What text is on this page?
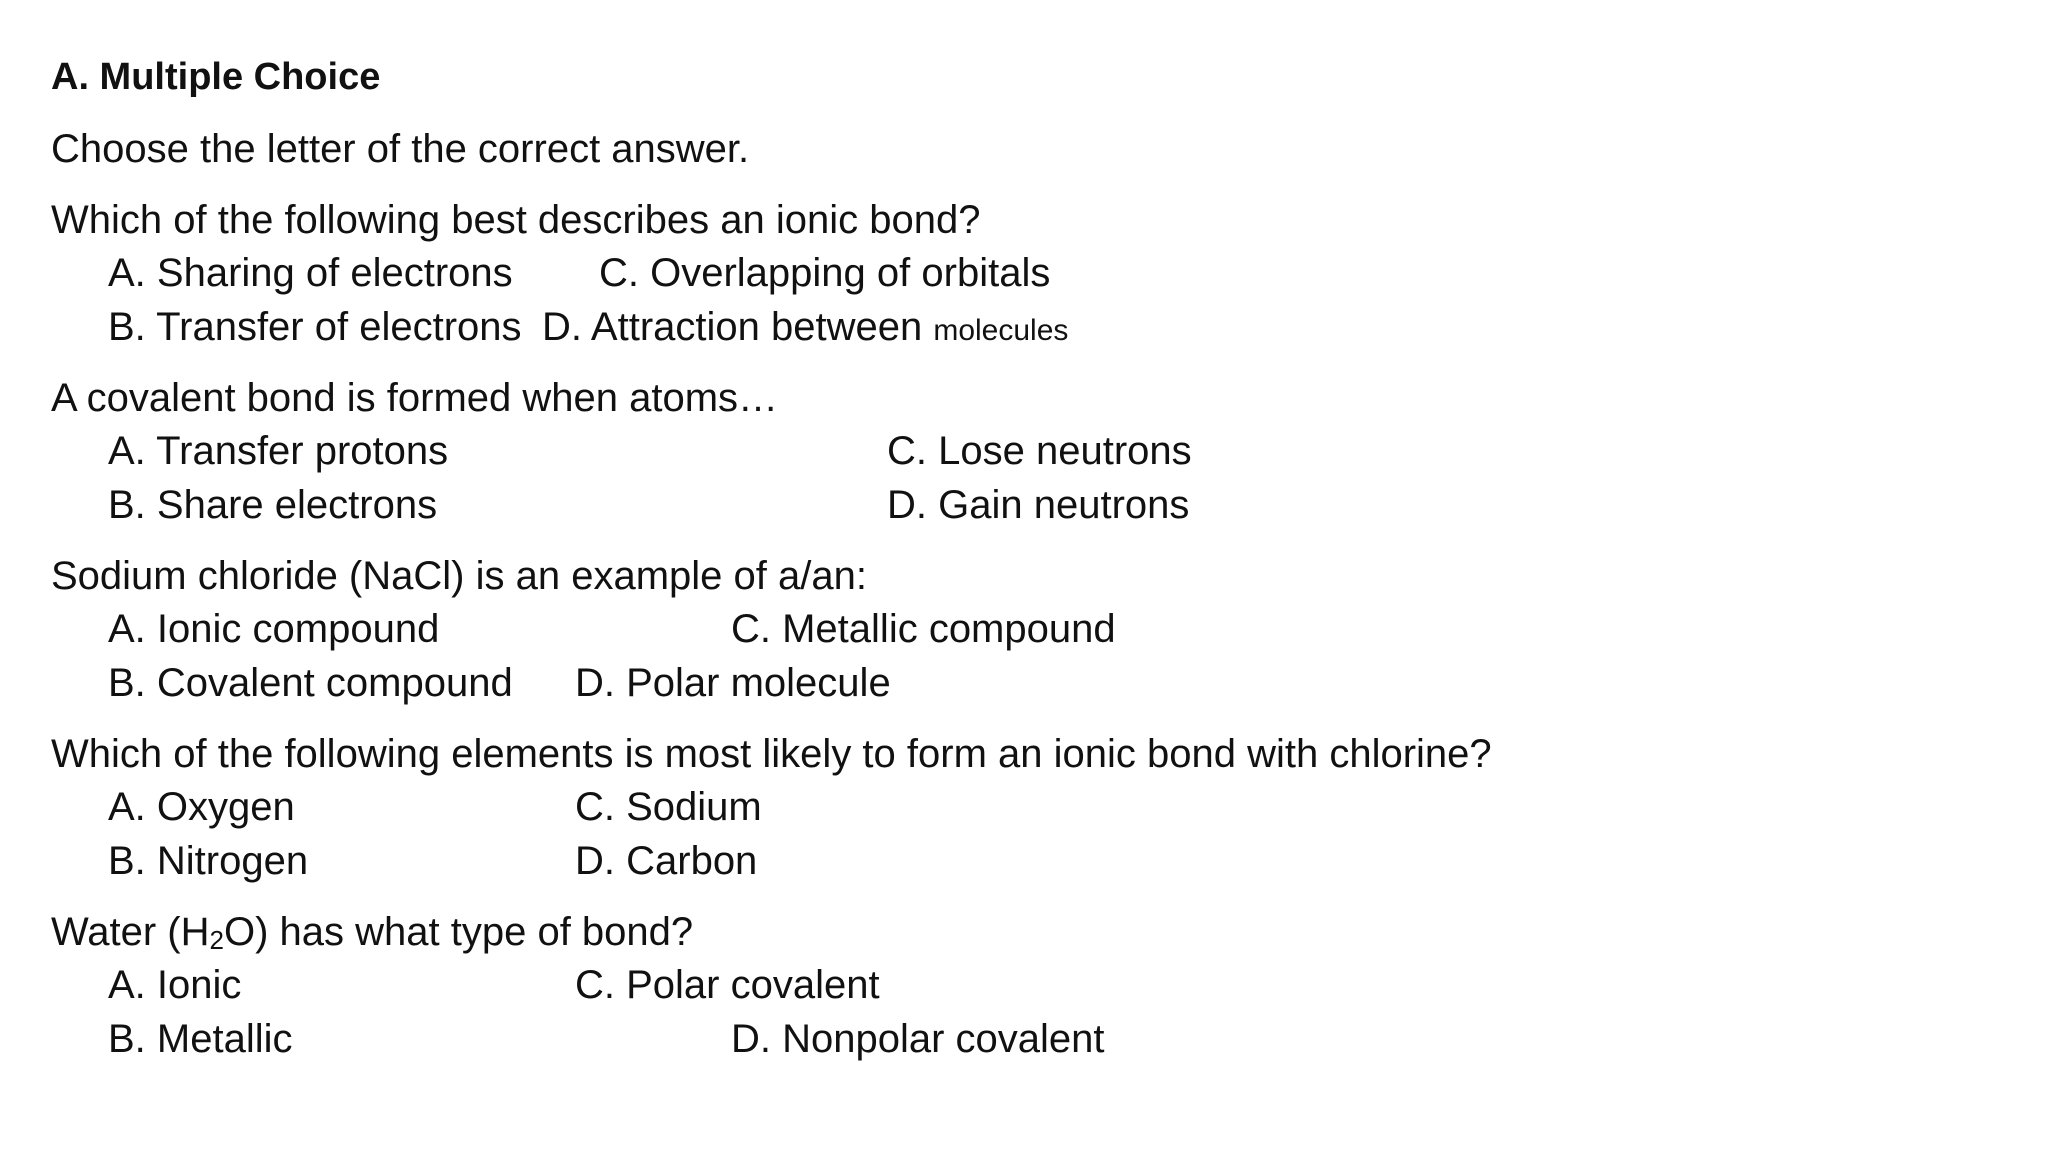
A. Multiple Choice
Choose the letter of the correct answer.
Which of the following best describes an ionic bond?
A. Sharing of electrons C. Overlapping of orbitals
B. Transfer of electrons D. Attraction between molecules
A covalent bond is formed when atoms…
A. Transfer protons	C. Lose neutrons
B. Share electrons	D. Gain neutrons
Sodium chloride (NaCl) is an example of a/an:
A. Ionic compound	C. Metallic compound
B. Covalent compound D. Polar molecule
Which of the following elements is most likely to form an ionic bond with chlorine?
A. Oxygen	C. Sodium
B. Nitrogen	D. Carbon
Water $(H_2O)$ has what type of bond?
A. Ionic	C. Polar covalent
B. Metallic	D. Nonpolar covalent
